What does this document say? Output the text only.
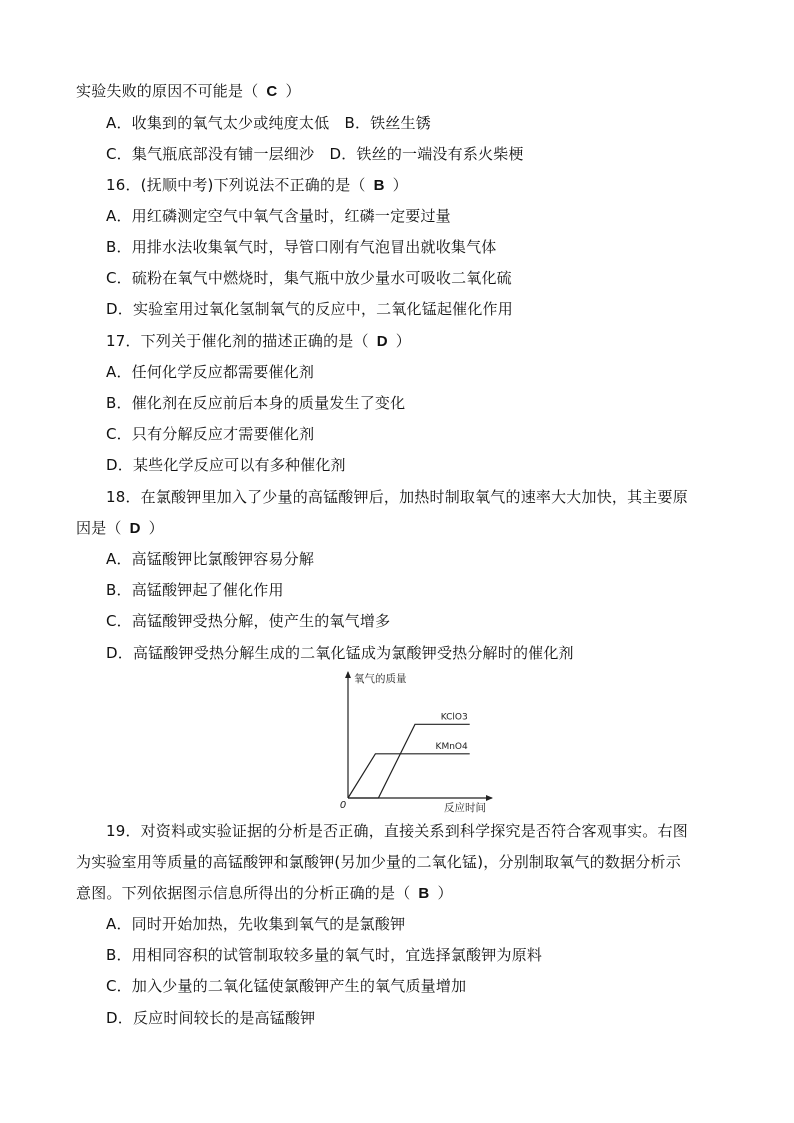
实验失败的原因不可能是（ C ）
A．收集到的氧气太少或纯度太低　B．铁丝生锈
C．集气瓶底部没有铺一层细沙　D．铁丝的一端没有系火柴梗
16．(抚顺中考)下列说法不正确的是（ B ）
A．用红磷测定空气中氧气含量时，红磷一定要过量
B．用排水法收集氧气时，导管口刚有气泡冒出就收集气体
C．硫粉在氧气中燃烧时，集气瓶中放少量水可吸收二氧化硫
D．实验室用过氧化氢制氧气的反应中，二氧化锰起催化作用
17．下列关于催化剂的描述正确的是（ D ）
A．任何化学反应都需要催化剂
B．催化剂在反应前后本身的质量发生了变化
C．只有分解反应才需要催化剂
D．某些化学反应可以有多种催化剂
18．在氯酸钾里加入了少量的高锰酸钾后，加热时制取氧气的速率大大加快，其主要原
因是（ D ）
A．高锰酸钾比氯酸钾容易分解
B．高锰酸钾起了催化作用
C．高锰酸钾受热分解，使产生的氧气增多
D．高锰酸钾受热分解生成的二氧化锰成为氯酸钾受热分解时的催化剂
KClO3
KMnO4
氧气的质量
反应时间
0
19．对资料或实验证据的分析是否正确，直接关系到科学探究是否符合客观事实。右图
为实验室用等质量的高锰酸钾和氯酸钾(另加少量的二氧化锰)，分别制取氧气的数据分析示
意图。下列依据图示信息所得出的分析正确的是（ B ）
A．同时开始加热，先收集到氧气的是氯酸钾
B．用相同容积的试管制取较多量的氧气时，宜选择氯酸钾为原料
C．加入少量的二氧化锰使氯酸钾产生的氧气质量增加
D．反应时间较长的是高锰酸钾
